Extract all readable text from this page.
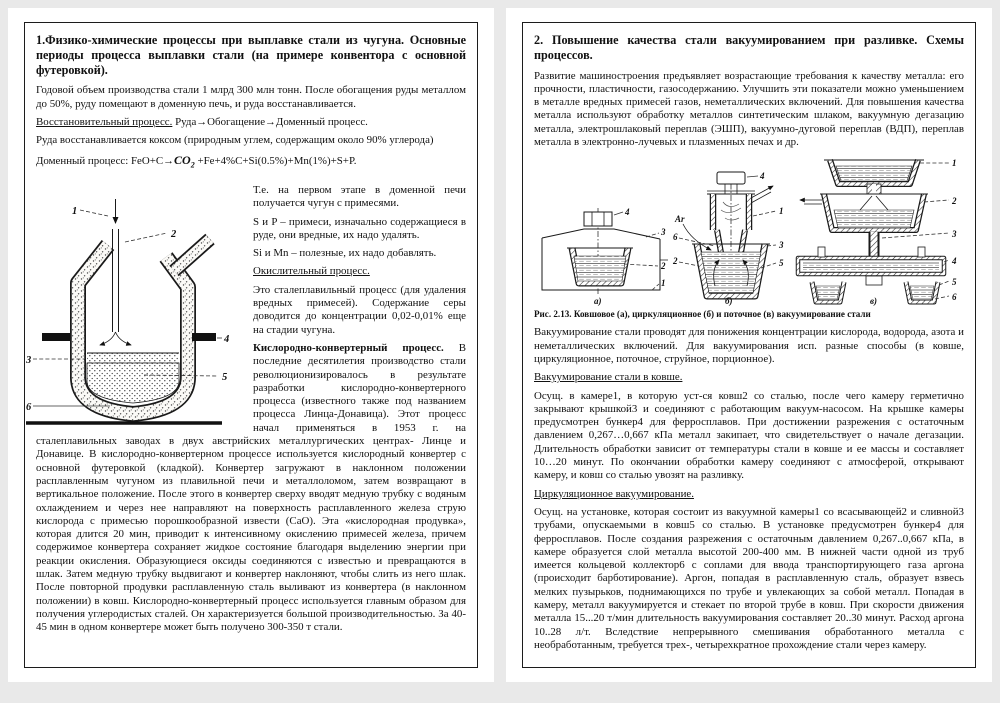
1.Физико-химические процессы при выплавке стали из чугуна. Основные периоды процесса выплавки стали (на примере конвентора с основной футеровкой).

Годовой объем производства стали 1 млрд 300 млн тонн. После обогащения руды металлом до 50%, руду помещают в доменную печь, и руда восстанавливается.

Восстановительный процесс. Руда→Обогащение→Доменный процесс.

Руда восстанавливается коксом (природным углем, содержащим около 90% углерода)

Доменный процесс: $FeO+C\to CO_2 +Fe+4\%C+Si(0.5\%)+Mn(1\%)+S+P$.

1
2
3
4
5
6

Т.е. на первом этапе в доменной печи получается чугун с примесями.

S и P – примеси, изначально содержащиеся в руде, они вредные, их надо удалять.

Si и Mn – полезные, их надо добавлять.

Окислительный процесс.

Это сталеплавильный процесс (для удаления вредных примесей). Содержание серы доводится до концентрации 0,02-0,01% еще на стадии чугуна.

Кислородно-конвертерный процесс. В последние десятилетия производство стали революционизировалось в результате разработки кислородно-конвертерного процесса (известного также под названием процесса Линца-Донавица). Этот процесс начал применяться в 1953 г. на сталеплавильных заводах в двух австрийских металлургических центрах- Линце и Донавице. В кислородно-конвертерном процессе используется кислородный конвертер с основной футеровкой (кладкой). Конвертер загружают в наклонном положении расплавленным чугуном из плавильной печи и металлоломом, затем возвращают в вертикальное положение. После этого в конвертер сверху вводят медную трубку с водяным охлаждением и через нее направляют на поверхность расплавленного железа струю кислорода с примесью порошкообразной извести (CaO). Эта «кислородная продувка», которая длится 20 мин, приводит к интенсивному окислению примесей железа, причем содержимое конвертера сохраняет жидкое состояние благодаря выделению энергии при реакции окисления. Образующиеся оксиды соединяются с известью и превращаются в шлак. Затем медную трубку выдвигают и конвертер наклоняют, чтобы слить из него шлак. После повторной продувки расплавленную сталь выливают из конвертера (в наклонном положении) в ковш. Кислородно-конвертерный процесс используется главным образом для получения углеродистых сталей. Он характеризуется большой производительностью. За 40-45 мин в одном конвертере может быть получено 300-350 т стали.

2. Повышение качества стали вакуумированием при разливке. Схемы процессов.

Развитие машиностроения предъявляет возрастающие требования к качеству металла: его прочности, пластичности, газосодержанию. Улучшить эти показатели можно уменьшением в металле вредных примесей газов, неметаллических включений. Для повышения качества металла используют обработку металлов синтетическим шлаком, вакуумную дегазацию металла, электрошлаковый переплав (ЭШП), вакуумно-дуговой переплав (ВДП), переплав металла в электронно-лучевых и плазменных печах и др.

4
3
2
1
а)
4
Ar
6
1
3
5
2
б)
1
2
3
4
5
6
в)

Рис. 2.13. Ковшовое (а), циркуляционное (б) и поточное (в) вакуумирование стали

Вакуумирование стали проводят для понижения концентрации кислорода, водорода, азота и неметаллических включений. Для вакуумирования исп. разные способы (в ковше, циркуляционное, поточное, струйное, порционное).

Вакуумирование стали в ковше.

Осущ. в камере1, в которую уст-ся ковш2 со сталью, после чего камеру герметично закрывают крышкой3 и соединяют с работающим вакуум-насосом. На крышке камеры предусмотрен бункер4 для ферросплавов. При достижении разрежения с остаточным давлением 0,267…0,667 кПа металл закипает, что свидетельствует о начале дегазации. Длительность обработки зависит от температуры стали в ковше и ее массы и составляет 10…20 минут. По окончании обработки камеру соединяют с атмосферой, открывают камеру, и ковш со сталью увозят на разливку.

Циркуляционное вакуумирование.

Осущ. на установке, которая состоит из вакуумной камеры1 со всасывающей2 и сливной3 трубами, опускаемыми в ковш5 со сталью. В установке предусмотрен бункер4 для ферросплавов. После создания разрежения с остаточным давлением 0,267..0,667 кПа, в камере образуется слой металла высотой 200-400 мм. В нижней части одной из труб имеется кольцевой коллектор6 с соплами для ввода транспортирующего газа аргона (происходит барботирование). Аргон, попадая в расплавленную сталь, образует взвесь мелких пузырьков, поднимающихся по трубе и увлекающих за собой металл. Попадая в камеру, металл вакуумируется и стекает по второй трубе в ковш. При скорости движения металла 15...20 т/мин длительность вакуумирования составляет 20..30 минут. Расход аргона 10..28 л/т. Вследствие непрерывного смешивания обработанного металла с необработанным, требуется трех-, четырехкратное прохождение стали через камеру.
